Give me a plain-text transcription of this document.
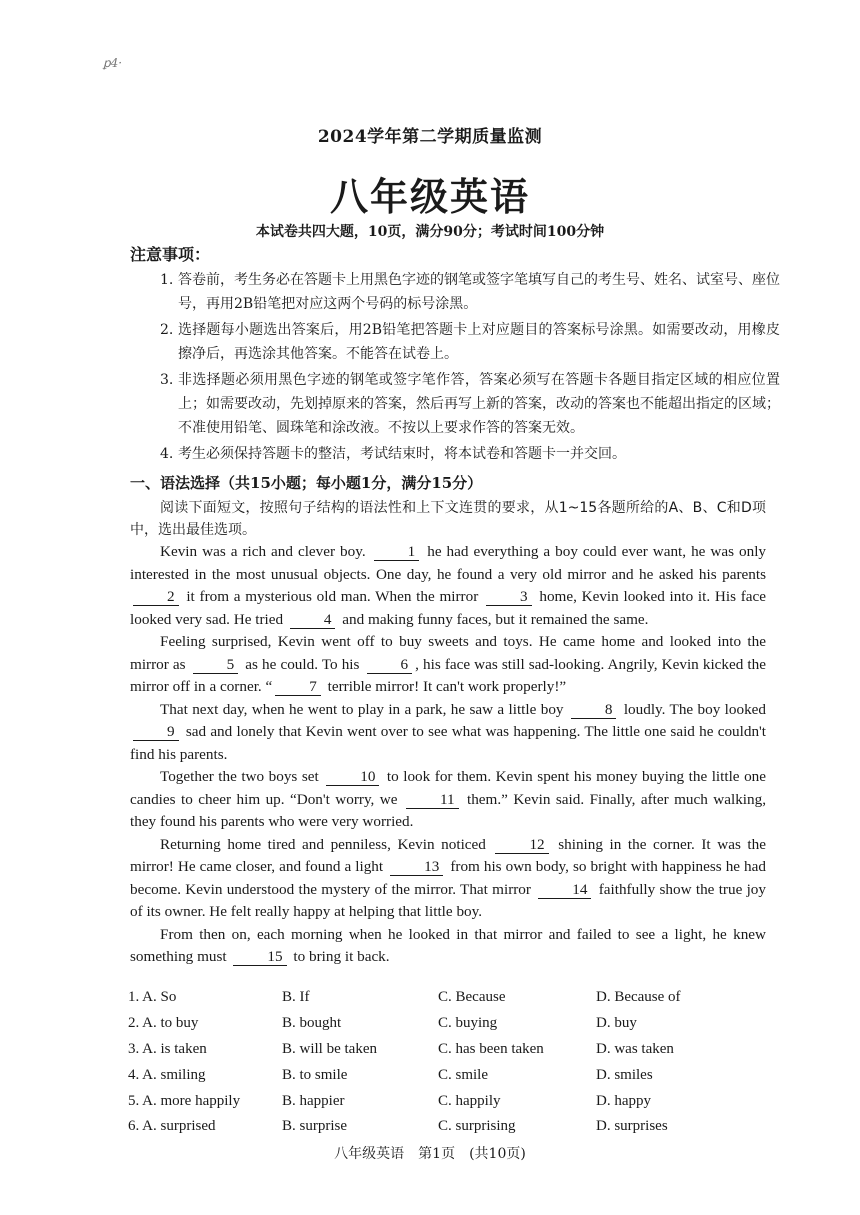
ꝑ4·
2024学年第二学期质量监测
八年级英语
本试卷共四大题，10页，满分90分；考试时间100分钟
注意事项：
1. 答卷前，考生务必在答题卡上用黑色字迹的钢笔或签字笔填写自己的考生号、姓名、试室号、座位号，再用2B铅笔把对应这两个号码的标号涂黑。
2. 选择题每小题选出答案后，用2B铅笔把答题卡上对应题目的答案标号涂黑。如需要改动，用橡皮擦净后，再选涂其他答案。不能答在试卷上。
3. 非选择题必须用黑色字迹的钢笔或签字笔作答，答案必须写在答题卡各题目指定区域的相应位置上；如需要改动，先划掉原来的答案，然后再写上新的答案，改动的答案也不能超出指定的区域；不准使用铅笔、圆珠笔和涂改液。不按以上要求作答的答案无效。
4. 考生必须保持答题卡的整洁，考试结束时，将本试卷和答题卡一并交回。
一、语法选择（共15小题；每小题1分，满分15分）

阅读下面短文，按照句子结构的语法性和上下文连贯的要求，从1~15各题所给的A、B、C和D项中，选出最佳选项。

Kevin was a rich and clever boy. 1 he had everything a boy could ever want, he was only interested in the most unusual objects. One day, he found a very old mirror and he asked his parents 2 it from a mysterious old man. When the mirror 3 home, Kevin looked into it. His face looked very sad. He tried 4 and making funny faces, but it remained the same.

Feeling surprised, Kevin went off to buy sweets and toys. He came home and looked into the mirror as 5 as he could. To his 6 , his face was still sad-looking. Angrily, Kevin kicked the mirror off in a corner. “ 7 terrible mirror! It can't work properly!”

That next day, when he went to play in a park, he saw a little boy 8 loudly. The boy looked 9 sad and lonely that Kevin went over to see what was happening. The little one said he couldn't find his parents.

Together the two boys set 10 to look for them. Kevin spent his money buying the little one candies to cheer him up. “Don't worry, we 11 them.” Kevin said. Finally, after much walking, they found his parents who were very worried.

Returning home tired and penniless, Kevin noticed 12 shining in the corner. It was the mirror! He came closer, and found a light 13 from his own body, so bright with happiness he had become. Kevin understood the mystery of the mirror. That mirror 14 faithfully show the true joy of its owner. He felt really happy at helping that little boy.

From then on, each morning when he looked in that mirror and failed to see a light, he knew something must 15 to bring it back.

1. A. So	B. If	C. Because	D. Because of
2. A. to buy	B. bought	C. buying	D. buy
3. A. is taken	B. will be taken	C. has been taken	D. was taken
4. A. smiling	B. to smile	C. smile	D. smiles
5. A. more happily	B. happier	C. happily	D. happy
6. A. surprised	B. surprise	C. surprising	D. surprises
八年级英语　第1页　(共10页)
